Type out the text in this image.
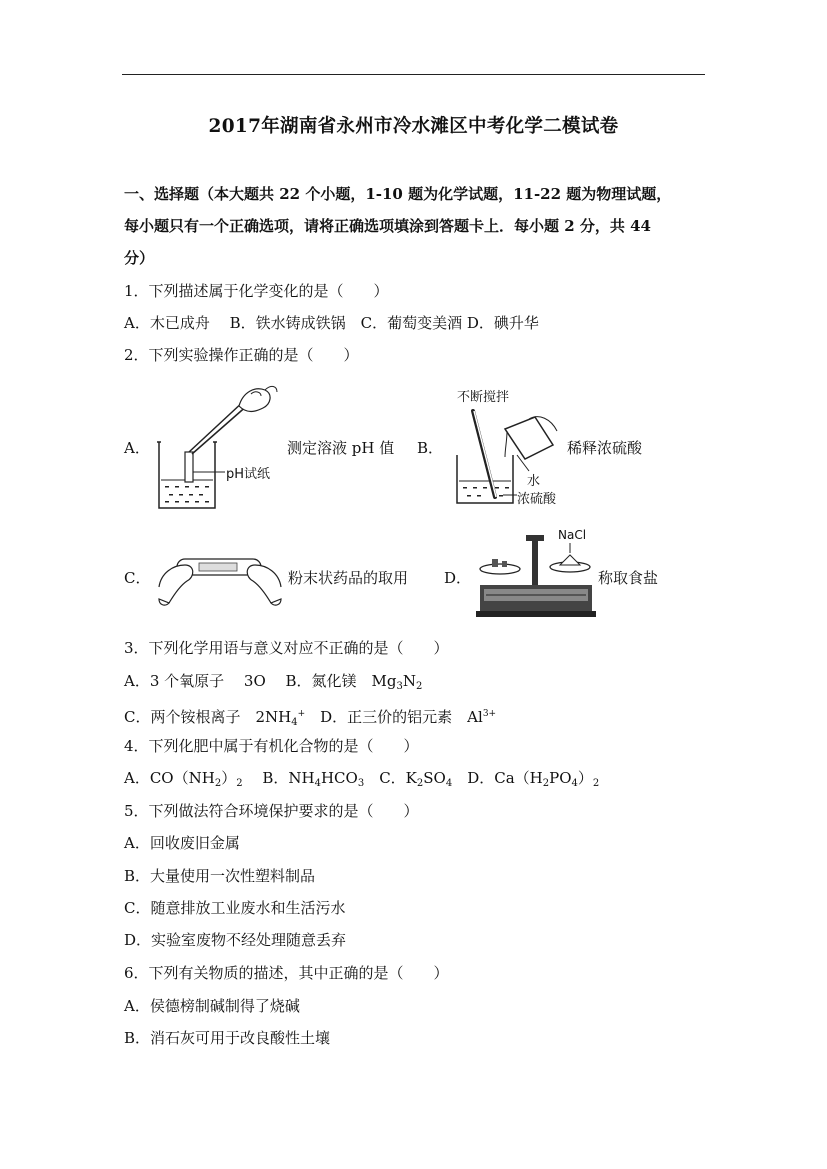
2017年湖南省永州市冷水滩区中考化学二模试卷
一、选择题（本大题共 22 个小题，1-10 题为化学试题，11-22 题为物理试题，
每小题只有一个正确选项，请将正确选项填涂到答题卡上．每小题 2 分，共 44
分）
1．下列描述属于化学变化的是（　　）
A．木已成舟　 B．铁水铸成铁锅　C．葡萄变美酒 D．碘升华
2．下列实验操作正确的是（　　）
A．
pH试纸
测定溶液 pH 值 B．
不断搅拌
水
浓硫酸
稀释浓硫酸
C．	粉末状药品的取用 D．
NaCl
称取食盐
3．下列化学用语与意义对应不正确的是（　　）
A．3 个氧原子　 3O　 B．氮化镁　$Mg_3N_2$
C．两个铵根离子　$2NH_4^+$　D．正三价的铝元素　$Al^{3+}$
4．下列化肥中属于有机化合物的是（　　）
A．$CO(NH_2)_2$　 B．$NH_4HCO_3$　C．$K_2SO_4$　D．$Ca(H_2PO_4)_2$
5．下列做法符合环境保护要求的是（　　）
A．回收废旧金属
B．大量使用一次性塑料制品
C．随意排放工业废水和生活污水
D．实验室废物不经处理随意丢弃
6．下列有关物质的描述，其中正确的是（　　）
A．侯德榜制碱制得了烧碱
B．消石灰可用于改良酸性土壤
